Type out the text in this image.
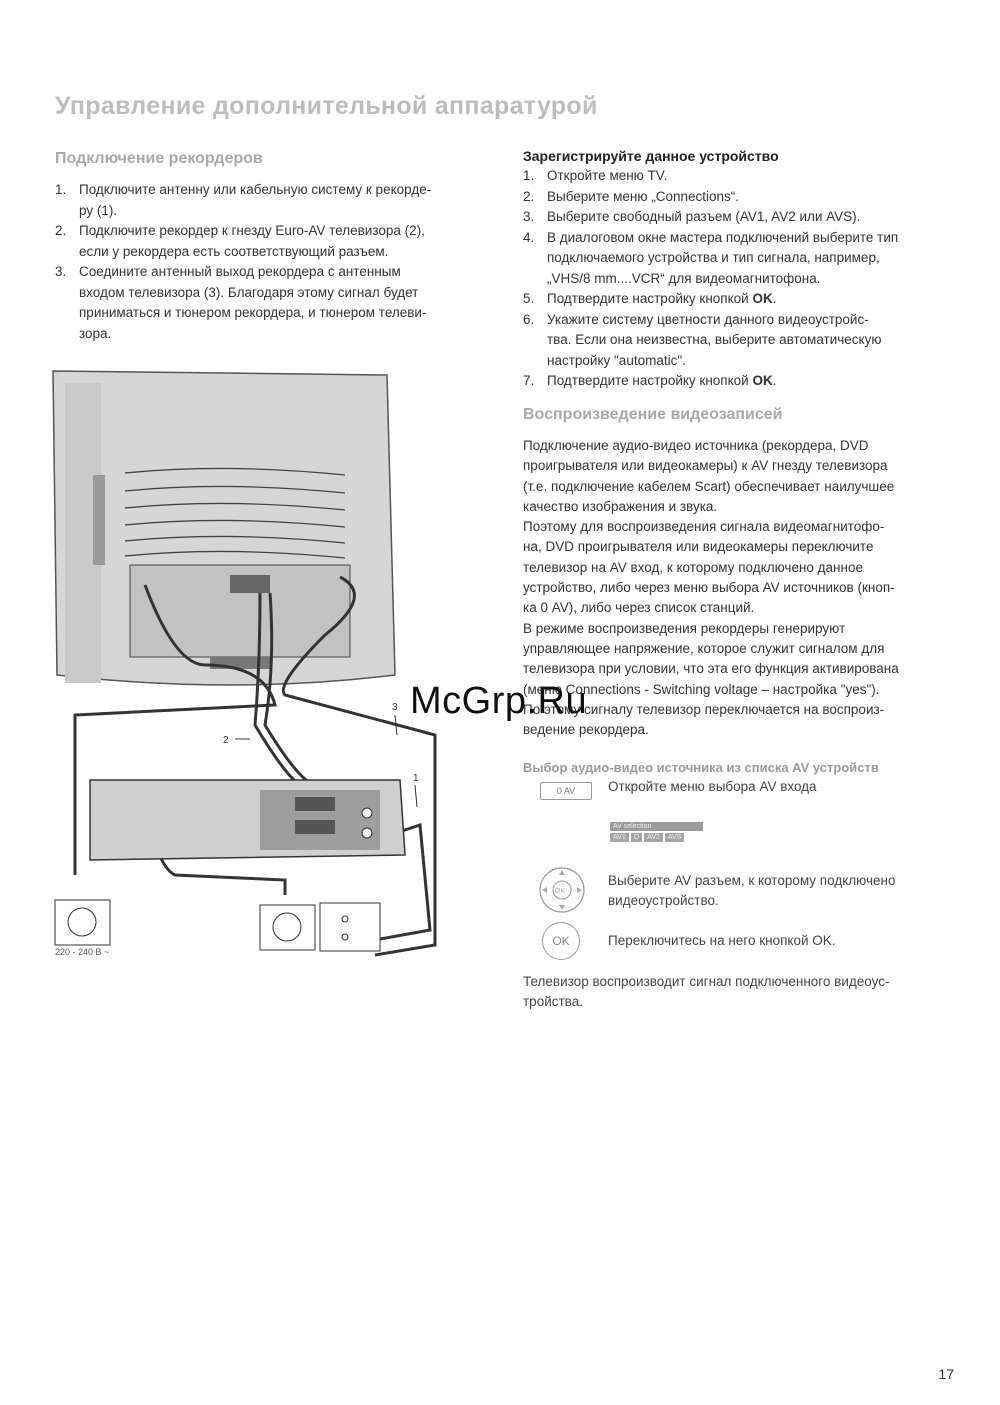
Управление дополнительной аппаратурой
Подключение рекордеров
1. Подключите антенну или кабельную систему к рекорде-
ру (1).
2. Подключите рекордер к гнезду Euro-AV телевизора (2),
если у рекордера есть соответствующий разъем.
3. Соедините антенный выход рекордера с антенным
входом телевизора (3). Благодаря этому сигнал будет
приниматься и тюнером рекордера, и тюнером телеви-
зора.
2
3
1
220 - 240 В ~
Зарегистрируйте данное устройство
1. Откройте меню TV.
2. Выберите меню „Connections“.
3. Выберите свободный разъем (AV1, AV2 или AVS).
4. В диалоговом окне мастера подключений выберите тип
подключаемого устройства и тип сигнала, например,
„VHS/8 mm....VCR“ для видеомагнитофона.
5. Подтвердите настройку кнопкой OK.
6. Укажите систему цветности данного видеоустройс-
тва. Если она неизвестна, выберите автоматическую
настройку "automatic".
7. Подтвердите настройку кнопкой OK.
Воспроизведение видеозаписей

Подключение аудио-видео источника (рекордера, DVD

проигрывателя или видеокамеры) к AV гнезду телевизора

(т.е. подключение кабелем Scart) обеспечивает наилучшее

качество изображения и звука.

Поэтому для воспроизведения сигнала видеомагнитофо-

на, DVD проигрывателя или видеокамеры переключите

телевизор на AV вход, к которому подключено данное

устройство, либо через меню выбора AV источников (кноп-

ка 0 AV), либо через список станций.

В режиме воспроизведения рекордеры генерируют

управляющее напряжение, которое служит сигналом для

телевизора при условии, что эта его функция активирована

(меню Connections - Switching voltage – настройка "yes").

По этому сигналу телевизор переключается на воспроиз-

ведение рекордера.

Выбор аудио-видео источника из списка AV устройств
0 AV	Откройте меню выбора AV входа

AV selection
AV1	O	AV2	AVS
OK

Выберите AV разъем, к которому подключено

видеоустройство.

OK	Переключитесь на него кнопкой OK.

Телевизор воспроизводит сигнал подключенного видеоус-

тройства.

McGrp.Ru
17
